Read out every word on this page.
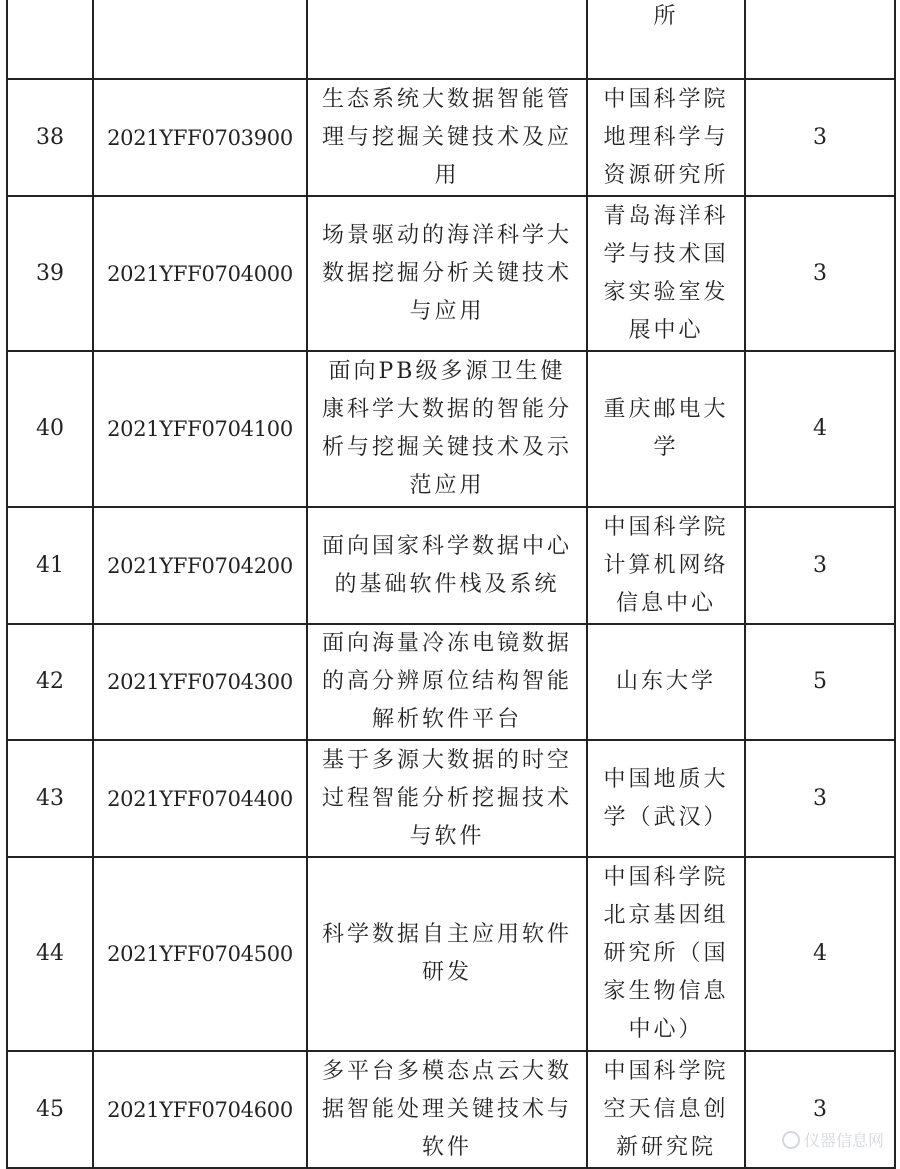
			所	

38	2021YFF0703900	生态系统大数据智能管
理与挖掘关键技术及应
用	中国科学院
地理科学与
资源研究所	3
39	2021YFF0704000	场景驱动的海洋科学大
数据挖掘分析关键技术
与应用	青岛海洋科
学与技术国
家实验室发
展中心	3
40	2021YFF0704100	面向PB级多源卫生健
康科学大数据的智能分
析与挖掘关键技术及示
范应用	重庆邮电大
学	4
41	2021YFF0704200	面向国家科学数据中心
的基础软件栈及系统	中国科学院
计算机网络
信息中心	3
42	2021YFF0704300	面向海量冷冻电镜数据
的高分辨原位结构智能
解析软件平台	山东大学	5
43	2021YFF0704400	基于多源大数据的时空
过程智能分析挖掘技术
与软件	中国地质大
学（武汉）	3
44	2021YFF0704500	科学数据自主应用软件
研发	中国科学院
北京基因组
研究所（国
家生物信息
中心）	4
45	2021YFF0704600	多平台多模态点云大数
据智能处理关键技术与
软件	中国科学院
空天信息创
新研究院	3
仪器信息网
